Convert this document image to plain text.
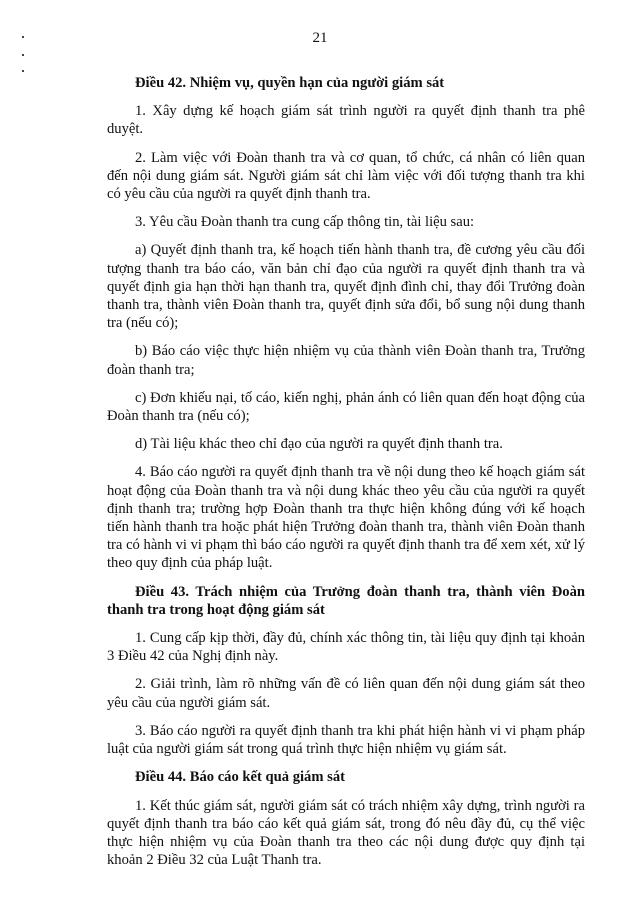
21

Điều 42. Nhiệm vụ, quyền hạn của người giám sát

1. Xây dựng kế hoạch giám sát trình người ra quyết định thanh tra phê duyệt.

2. Làm việc với Đoàn thanh tra và cơ quan, tổ chức, cá nhân có liên quan đến nội dung giám sát. Người giám sát chỉ làm việc với đối tượng thanh tra khi có yêu cầu của người ra quyết định thanh tra.

3. Yêu cầu Đoàn thanh tra cung cấp thông tin, tài liệu sau:

a) Quyết định thanh tra, kế hoạch tiến hành thanh tra, đề cương yêu cầu đối tượng thanh tra báo cáo, văn bản chỉ đạo của người ra quyết định thanh tra và quyết định gia hạn thời hạn thanh tra, quyết định đình chỉ, thay đổi Trưởng đoàn thanh tra, thành viên Đoàn thanh tra, quyết định sửa đổi, bổ sung nội dung thanh tra (nếu có);

b) Báo cáo việc thực hiện nhiệm vụ của thành viên Đoàn thanh tra, Trưởng đoàn thanh tra;

c) Đơn khiếu nại, tố cáo, kiến nghị, phản ánh có liên quan đến hoạt động của Đoàn thanh tra (nếu có);

d) Tài liệu khác theo chỉ đạo của người ra quyết định thanh tra.

4. Báo cáo người ra quyết định thanh tra về nội dung theo kế hoạch giám sát hoạt động của Đoàn thanh tra và nội dung khác theo yêu cầu của người ra quyết định thanh tra; trường hợp Đoàn thanh tra thực hiện không đúng với kế hoạch tiến hành thanh tra hoặc phát hiện Trưởng đoàn thanh tra, thành viên Đoàn thanh tra có hành vi vi phạm thì báo cáo người ra quyết định thanh tra để xem xét, xử lý theo quy định của pháp luật.

Điều 43. Trách nhiệm của Trưởng đoàn thanh tra, thành viên Đoàn thanh tra trong hoạt động giám sát

1. Cung cấp kịp thời, đầy đủ, chính xác thông tin, tài liệu quy định tại khoản 3 Điều 42 của Nghị định này.

2. Giải trình, làm rõ những vấn đề có liên quan đến nội dung giám sát theo yêu cầu của người giám sát.

3. Báo cáo người ra quyết định thanh tra khi phát hiện hành vi vi phạm pháp luật của người giám sát trong quá trình thực hiện nhiệm vụ giám sát.

Điều 44. Báo cáo kết quả giám sát

1. Kết thúc giám sát, người giám sát có trách nhiệm xây dựng, trình người ra quyết định thanh tra báo cáo kết quả giám sát, trong đó nêu đầy đủ, cụ thể việc thực hiện nhiệm vụ của Đoàn thanh tra theo các nội dung được quy định tại khoản 2 Điều 32 của Luật Thanh tra.
